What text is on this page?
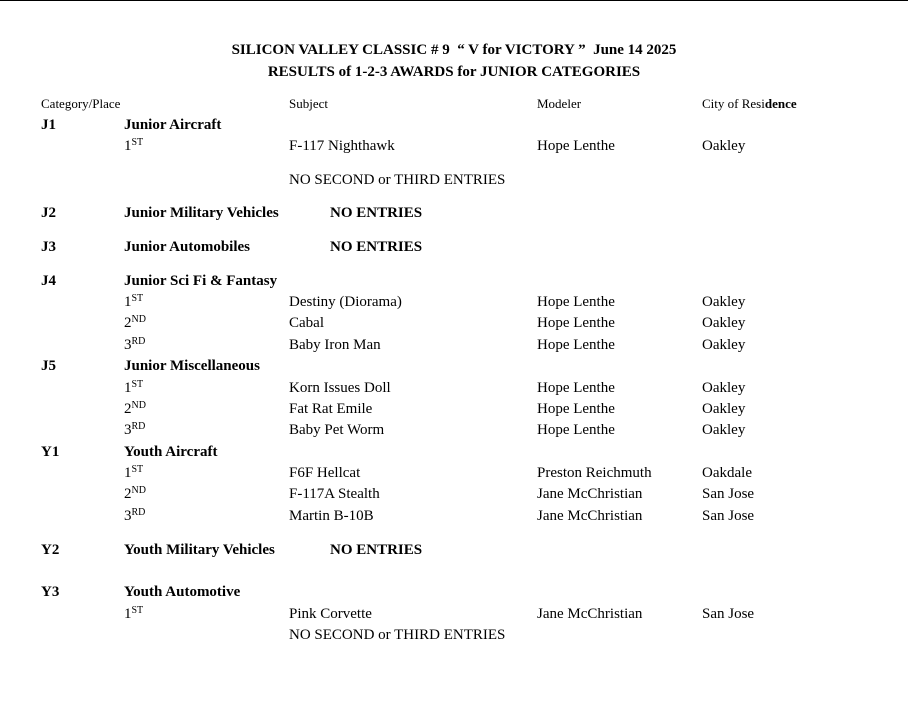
SILICON VALLEY CLASSIC # 9  “ V for VICTORY ”  June 14 2025
RESULTS of 1-2-3 AWARDS for JUNIOR CATEGORIES
Category/Place	Subject	Modeler	City of Residence
J1	Junior Aircraft
1ST	F-117 Nighthawk	Hope Lenthe	Oakley
NO SECOND or THIRD ENTRIES
J2	Junior Military Vehicles	NO ENTRIES
J3	Junior Automobiles	NO ENTRIES
J4	Junior Sci Fi & Fantasy
1ST	Destiny (Diorama)	Hope Lenthe	Oakley
2ND	Cabal	Hope Lenthe	Oakley
3RD	Baby Iron Man	Hope Lenthe	Oakley
J5	Junior Miscellaneous
1ST	Korn Issues Doll	Hope Lenthe	Oakley
2ND	Fat Rat Emile	Hope Lenthe	Oakley
3RD	Baby Pet Worm	Hope Lenthe	Oakley
Y1	Youth Aircraft
1ST	F6F Hellcat	Preston Reichmuth	Oakdale
2ND	F-117A Stealth	Jane McChristian	San Jose
3RD	Martin B-10B	Jane McChristian	San Jose
Y2	Youth Military Vehicles	NO ENTRIES
Y3	Youth Automotive
1ST	Pink Corvette	Jane McChristian	San Jose
NO SECOND or THIRD ENTRIES
